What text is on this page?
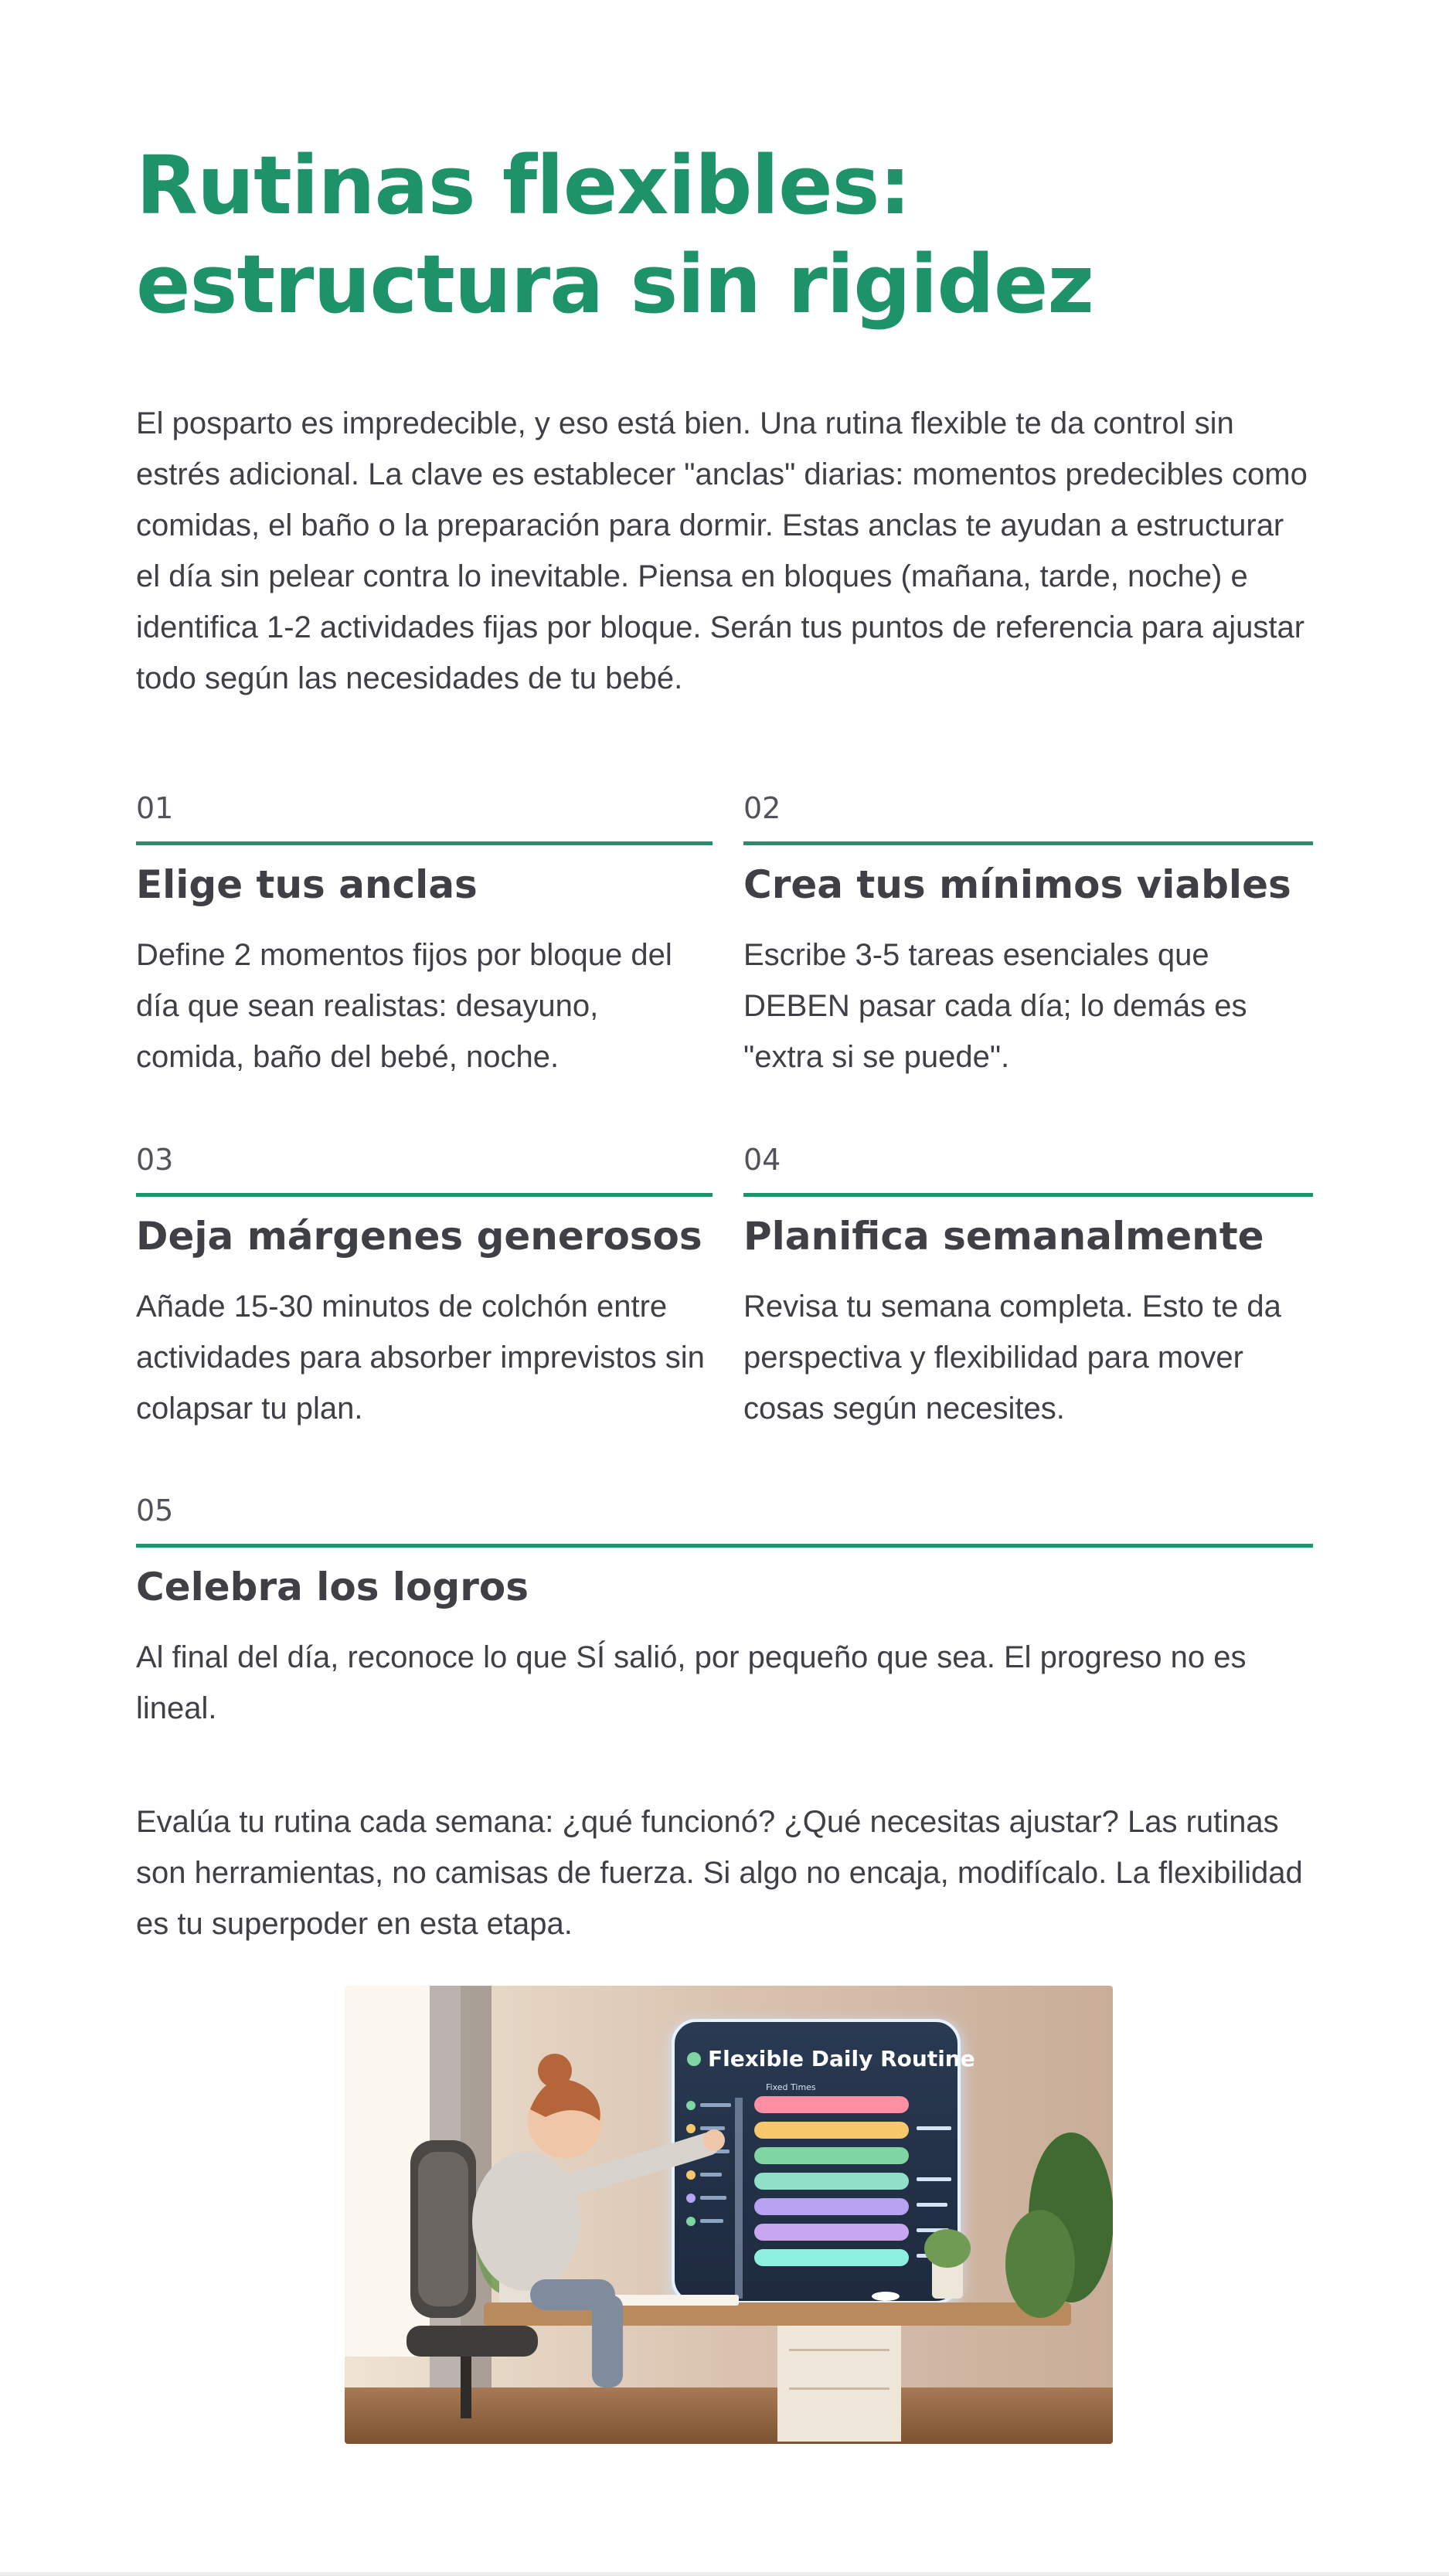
Rutinas flexibles: estructura sin rigidez

El posparto es impredecible, y eso está bien. Una rutina flexible te da control sin estrés adicional. La clave es establecer "anclas" diarias: momentos predecibles como comidas, el baño o la preparación para dormir. Estas anclas te ayudan a estructurar el día sin pelear contra lo inevitable. Piensa en bloques (mañana, tarde, noche) e identifica 1-2 actividades fijas por bloque. Serán tus puntos de referencia para ajustar todo según las necesidades de tu bebé.

01
Elige tus anclas

Define 2 momentos fijos por bloque del día que sean realistas: desayuno, comida, baño del bebé, noche.

02
Crea tus mínimos viables

Escribe 3-5 tareas esenciales que DEBEN pasar cada día; lo demás es "extra si se puede".

03
Deja márgenes generosos

Añade 15-30 minutos de colchón entre actividades para absorber imprevistos sin colapsar tu plan.

04
Planifica semanalmente

Revisa tu semana completa. Esto te da perspectiva y flexibilidad para mover cosas según necesites.

05
Celebra los logros

Al final del día, reconoce lo que SÍ salió, por pequeño que sea. El progreso no es lineal.

Evalúa tu rutina cada semana: ¿qué funcionó? ¿Qué necesitas ajustar? Las rutinas son herramientas, no camisas de fuerza. Si algo no encaja, modifícalo. La flexibilidad es tu superpoder en esta etapa.

Flexible Daily Routine
Fixed Times
